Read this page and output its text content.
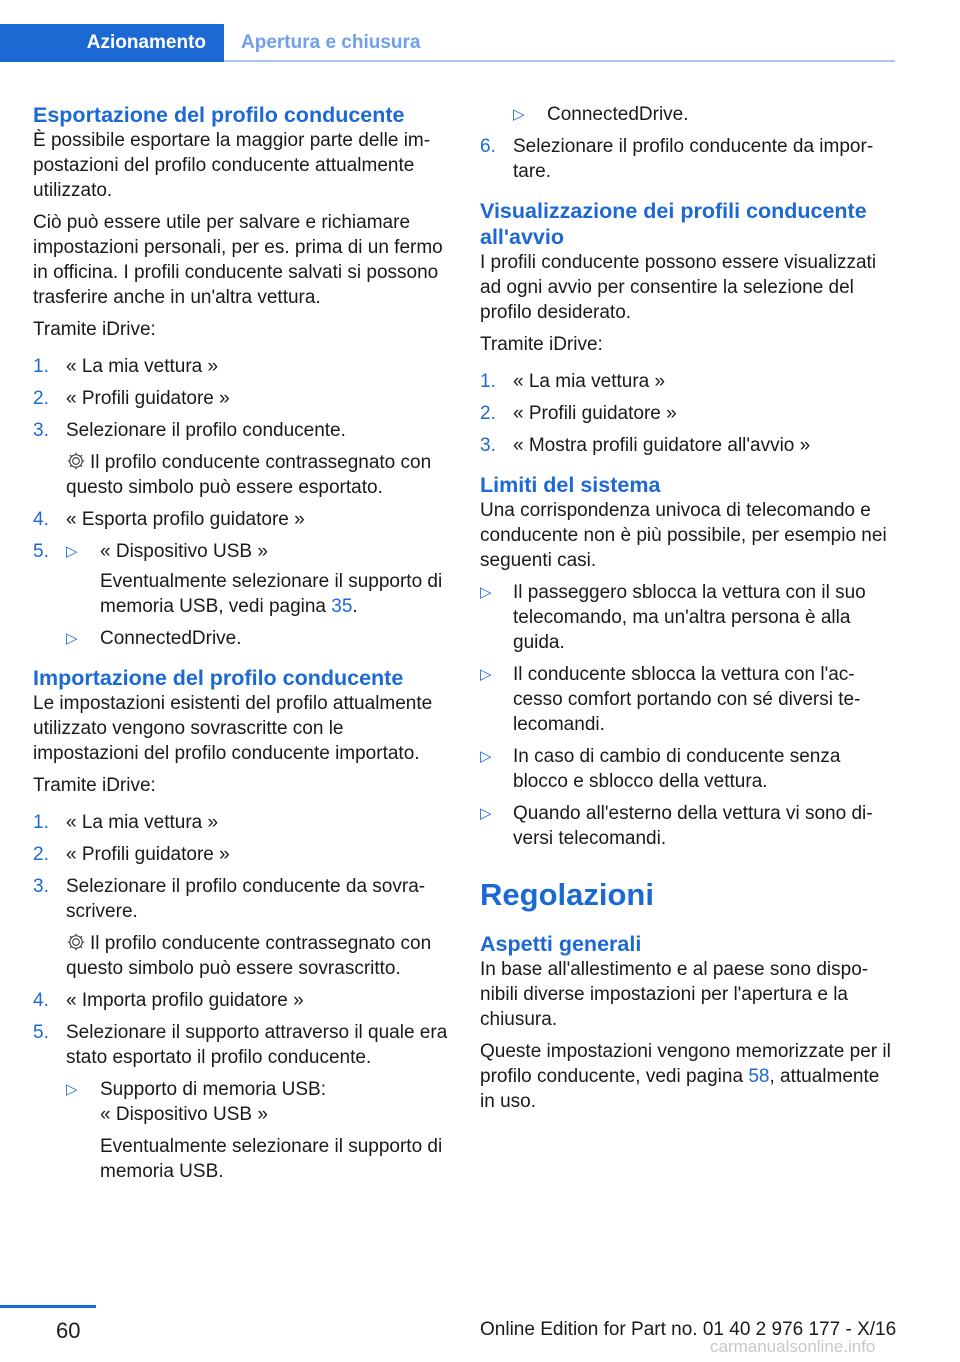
Azionamento	Apertura e chiusura
Esportazione del profilo conducente

È possibile esportare la maggior parte delle impostazioni del profilo conducente attualmente utilizzato.

Ciò può essere utile per salvare e richiamare impostazioni personali, per es. prima di un fermo in officina. I profili conducente salvati si possono trasferire anche in un'altra vettura.

Tramite iDrive:

1. « La mia vettura »
2. « Profili guidatore »
3. Selezionare il profilo conducente.
Il profilo conducente contrassegnato con questo simbolo può essere esportato.
4. « Esporta profilo guidatore »
5. ▷ « Dispositivo USB »
Eventualmente selezionare il supporto di memoria USB, vedi pagina 35.
▷ ConnectedDrive.
Importazione del profilo conducente

Le impostazioni esistenti del profilo attualmente utilizzato vengono sovrascritte con le impostazioni del profilo conducente importato.

Tramite iDrive:

1. « La mia vettura »
2. « Profili guidatore »
3. Selezionare il profilo conducente da sovrascrivere.
Il profilo conducente contrassegnato con questo simbolo può essere sovrascritto.
4. « Importa profilo guidatore »
5. Selezionare il supporto attraverso il quale era stato esportato il profilo conducente.
▷ Supporto di memoria USB:
« Dispositivo USB »
Eventualmente selezionare il supporto di memoria USB.
▷ ConnectedDrive.
6. Selezionare il profilo conducente da importare.
Visualizzazione dei profili conducente all'avvio

I profili conducente possono essere visualizzati ad ogni avvio per consentire la selezione del profilo desiderato.

Tramite iDrive:

1. « La mia vettura »
2. « Profili guidatore »
3. « Mostra profili guidatore all'avvio »
Limiti del sistema

Una corrispondenza univoca di telecomando e conducente non è più possibile, per esempio nei seguenti casi.

▷ Il passeggero sblocca la vettura con il suo telecomando, ma un'altra persona è alla guida.
▷ Il conducente sblocca la vettura con l'accesso comfort portando con sé diversi telecomandi.
▷ In caso di cambio di conducente senza blocco e sblocco della vettura.
▷ Quando all'esterno della vettura vi sono diversi telecomandi.
Regolazioni
Aspetti generali

In base all'allestimento e al paese sono disponibili diverse impostazioni per l'apertura e la chiusura.

Queste impostazioni vengono memorizzate per il profilo conducente, vedi pagina 58, attualmente in uso.

60	Online Edition for Part no. 01 40 2 976 177 - X/16
carmanualsonline.info
